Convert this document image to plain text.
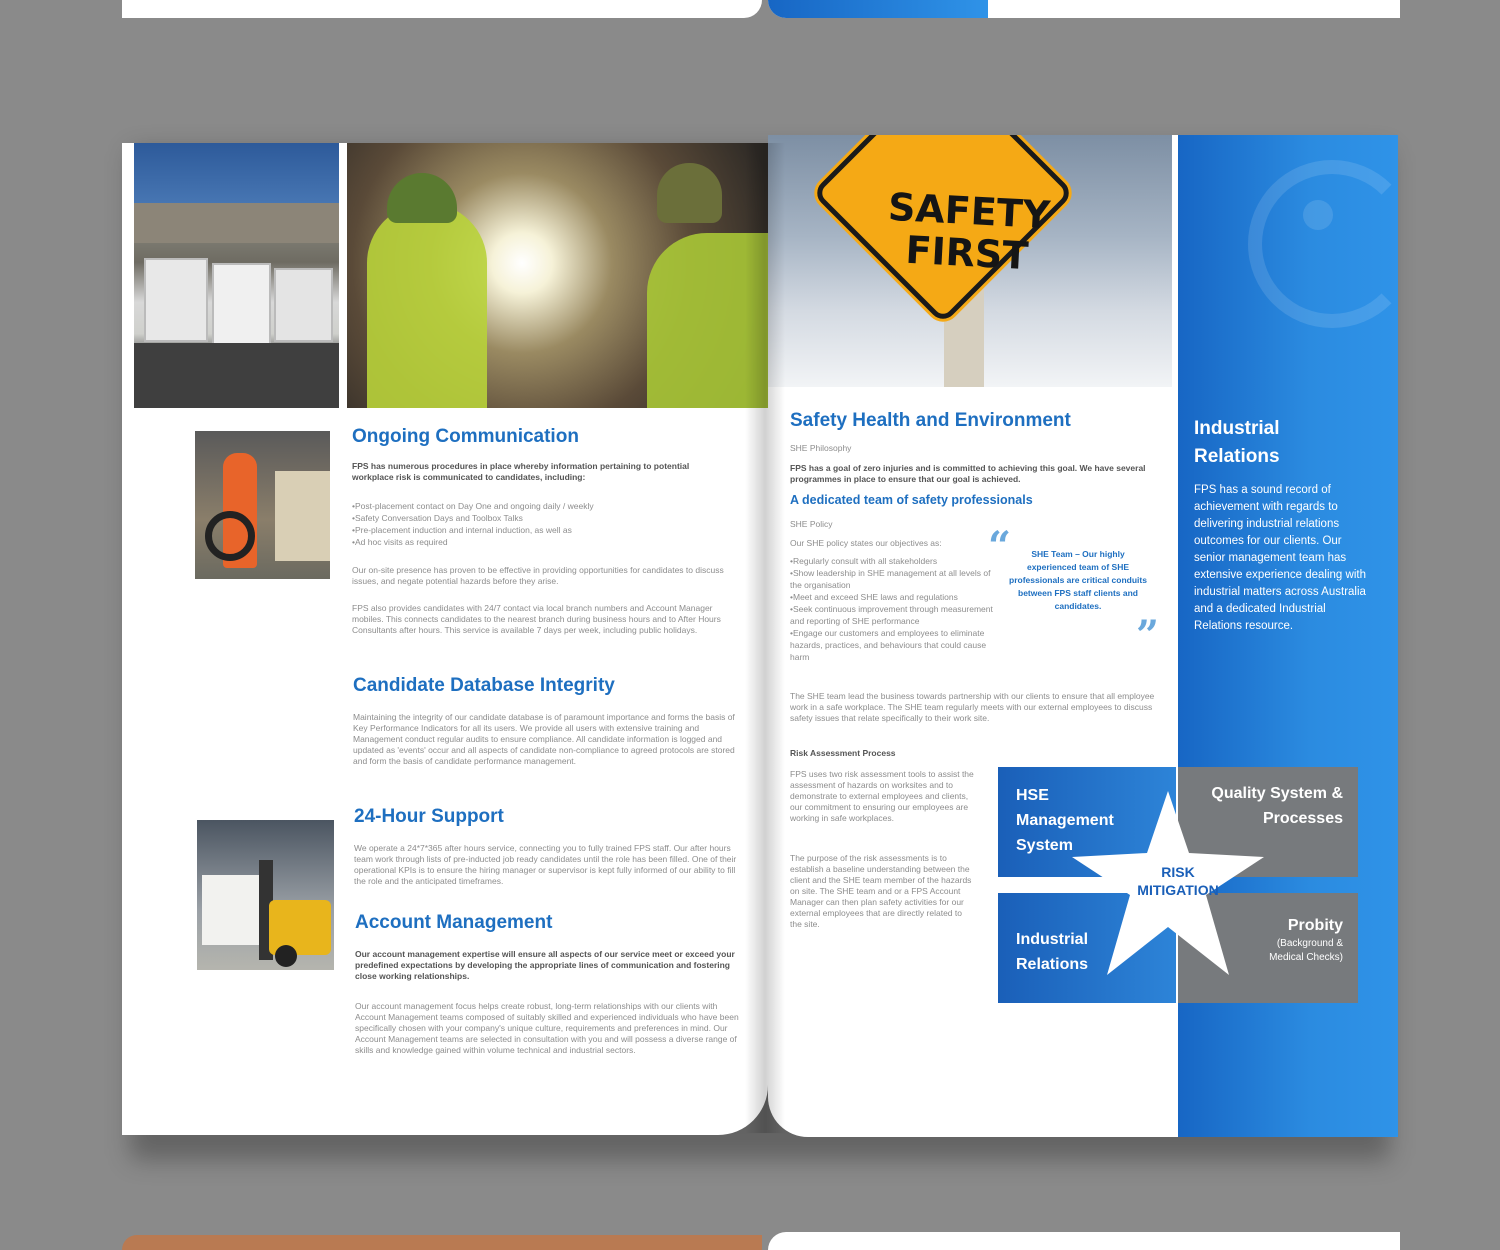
Ongoing Communication
FPS has numerous procedures in place whereby information pertaining to potential workplace risk is communicated to candidates, including:
• Post-placement contact on Day One and ongoing daily / weekly
• Safety Conversation Days and Toolbox Talks
• Pre-placement induction and internal induction, as well as
• Ad hoc visits as required
Our on-site presence has proven to be effective in providing opportunities for candidates to discuss issues, and negate potential hazards before they arise.
FPS also provides candidates with 24/7 contact via local branch numbers and Account Manager mobiles. This connects candidates to the nearest branch during business hours and to After Hours Consultants after hours. This service is available 7 days per week, including public holidays.
Candidate Database Integrity
Maintaining the integrity of our candidate database is of paramount importance and forms the basis of Key Performance Indicators for all its users. We provide all users with extensive training and Management conduct regular audits to ensure compliance. All candidate information is logged and updated as 'events' occur and all aspects of candidate non-compliance to agreed protocols are stored and form the basis of candidate performance management.
24-Hour Support
We operate a 24*7*365 after hours service, connecting you to fully trained FPS staff. Our after hours team work through lists of pre-inducted job ready candidates until the role has been filled. One of their operational KPIs is to ensure the hiring manager or supervisor is kept fully informed of our ability to fill the role and the anticipated timeframes.
Account Management
Our account management expertise will ensure all aspects of our service meet or exceed your predefined expectations by developing the appropriate lines of communication and fostering close working relationships.
Our account management focus helps create robust, long-term relationships with our clients with Account Management teams composed of suitably skilled and experienced individuals who have been specifically chosen with your company's unique culture, requirements and preferences in mind. Our Account Management teams are selected in consultation with you and will possess a diverse range of skills and knowledge gained within volume technical and industrial sectors.
SAFETY
FIRST
Industrial
Relations
FPS has a sound record of achievement with regards to delivering industrial relations outcomes for our clients. Our senior management team has extensive experience dealing with industrial matters across Australia and a dedicated Industrial Relations resource.
Safety Health and Environment
SHE Philosophy
FPS has a goal of zero injuries and is committed to achieving this goal. We have several programmes in place to ensure that our goal is achieved.
A dedicated team of safety professionals
SHE Policy
Our SHE policy states our objectives as:
• Regularly consult with all stakeholders
• Show leadership in SHE management at all levels of the organisation
• Meet and exceed SHE laws and regulations
• Seek continuous improvement through measurement and reporting of SHE performance
• Engage our customers and employees to eliminate hazards, practices, and behaviours that could cause harm
“	SHE Team – Our highly experienced team of SHE professionals are critical conduits between FPS staff clients and candidates.
”
The SHE team lead the business towards partnership with our clients to ensure that all employee work in a safe workplace. The SHE team regularly meets with our external employees to discuss safety issues that relate specifically to their work site.
Risk Assessment Process
FPS uses two risk assessment tools to assist the assessment of hazards on worksites and to demonstrate to external employees and clients, our commitment to ensuring our employees are working in safe workplaces.
The purpose of the risk assessments is to establish a baseline understanding between the client and the SHE team member of the hazards on site. The SHE team and or a FPS Account Manager can then plan safety activities for our external employees that are directly related to the site.
HSE
Management
System
Quality System &
Processes
Industrial
Relations
Probity
(Background &
Medical Checks)
RISK
MITIGATION
